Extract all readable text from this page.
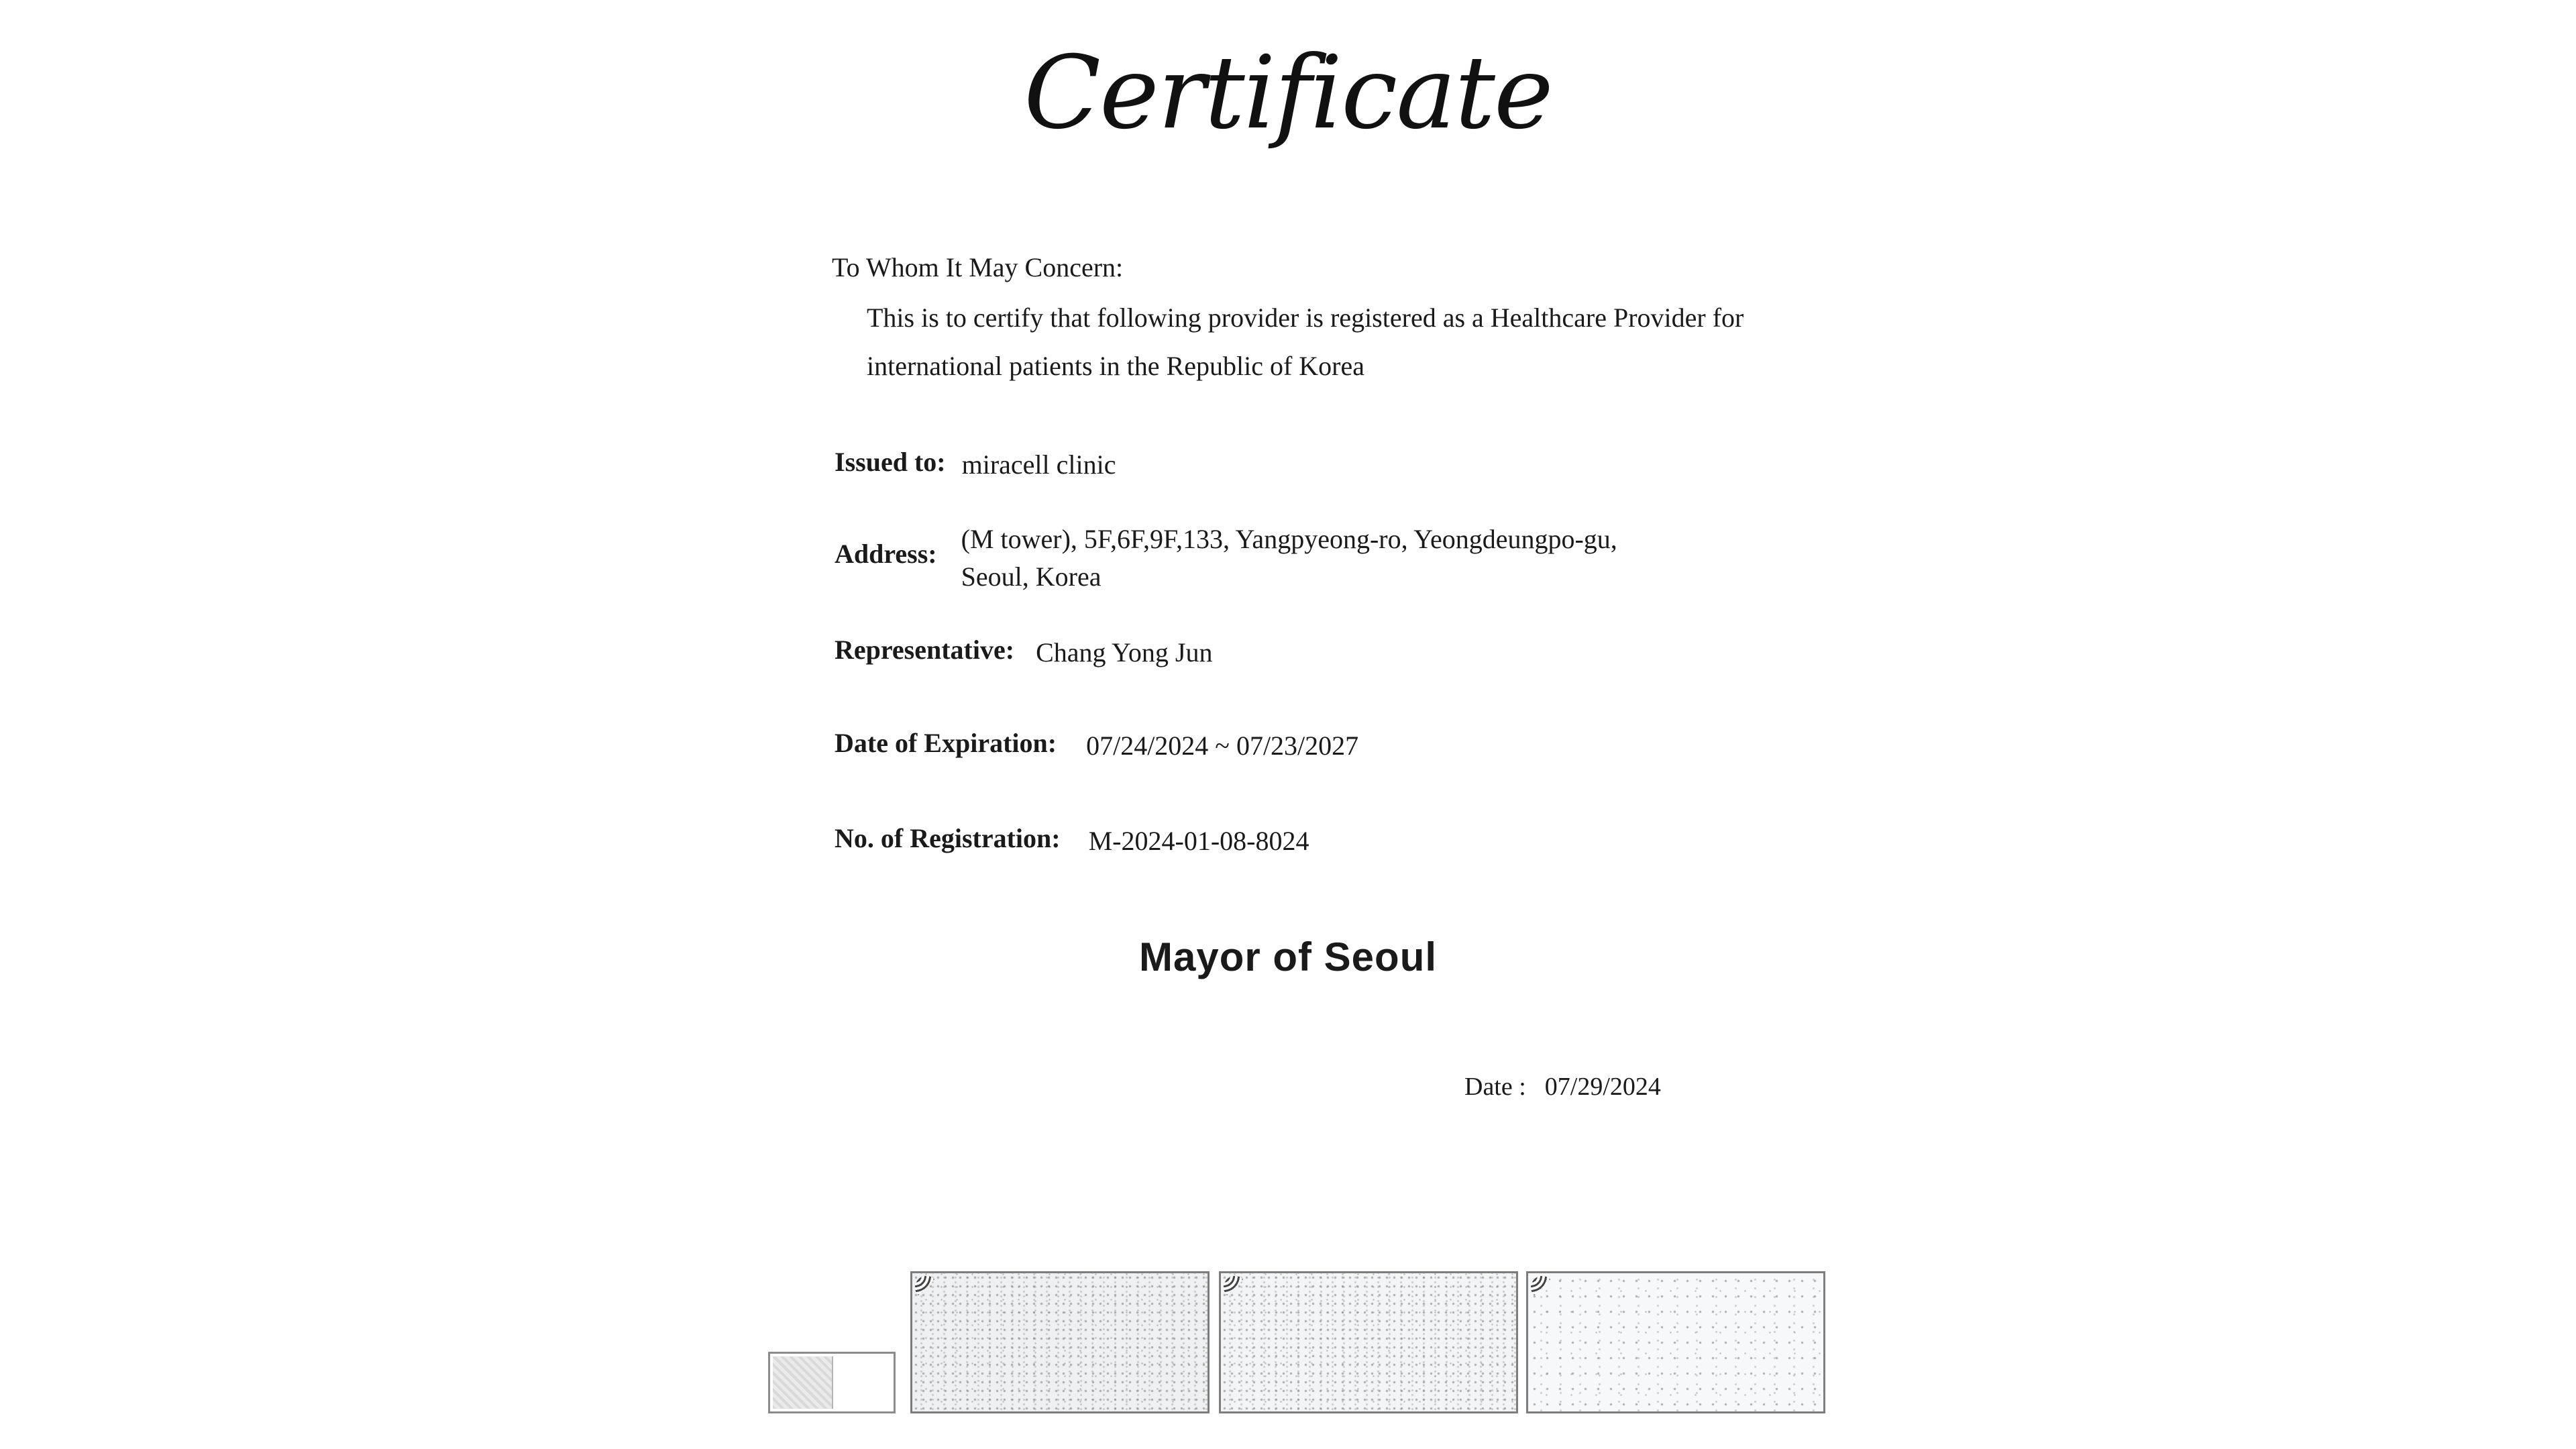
Certificate
To Whom It May Concern:
This is to certify that following provider is registered as a Healthcare Provider for international patients in the Republic of Korea
Issued to: miracell clinic
Address: (M tower), 5F,6F,9F,133, Yangpyeong-ro, Yeongdeungpo-gu,
Seoul, Korea
Representative: Chang Yong Jun
Date of Expiration: 07/24/2024 ~ 07/23/2027
No. of Registration: M-2024-01-08-8024
Mayor of Seoul
Date : 07/29/2024
